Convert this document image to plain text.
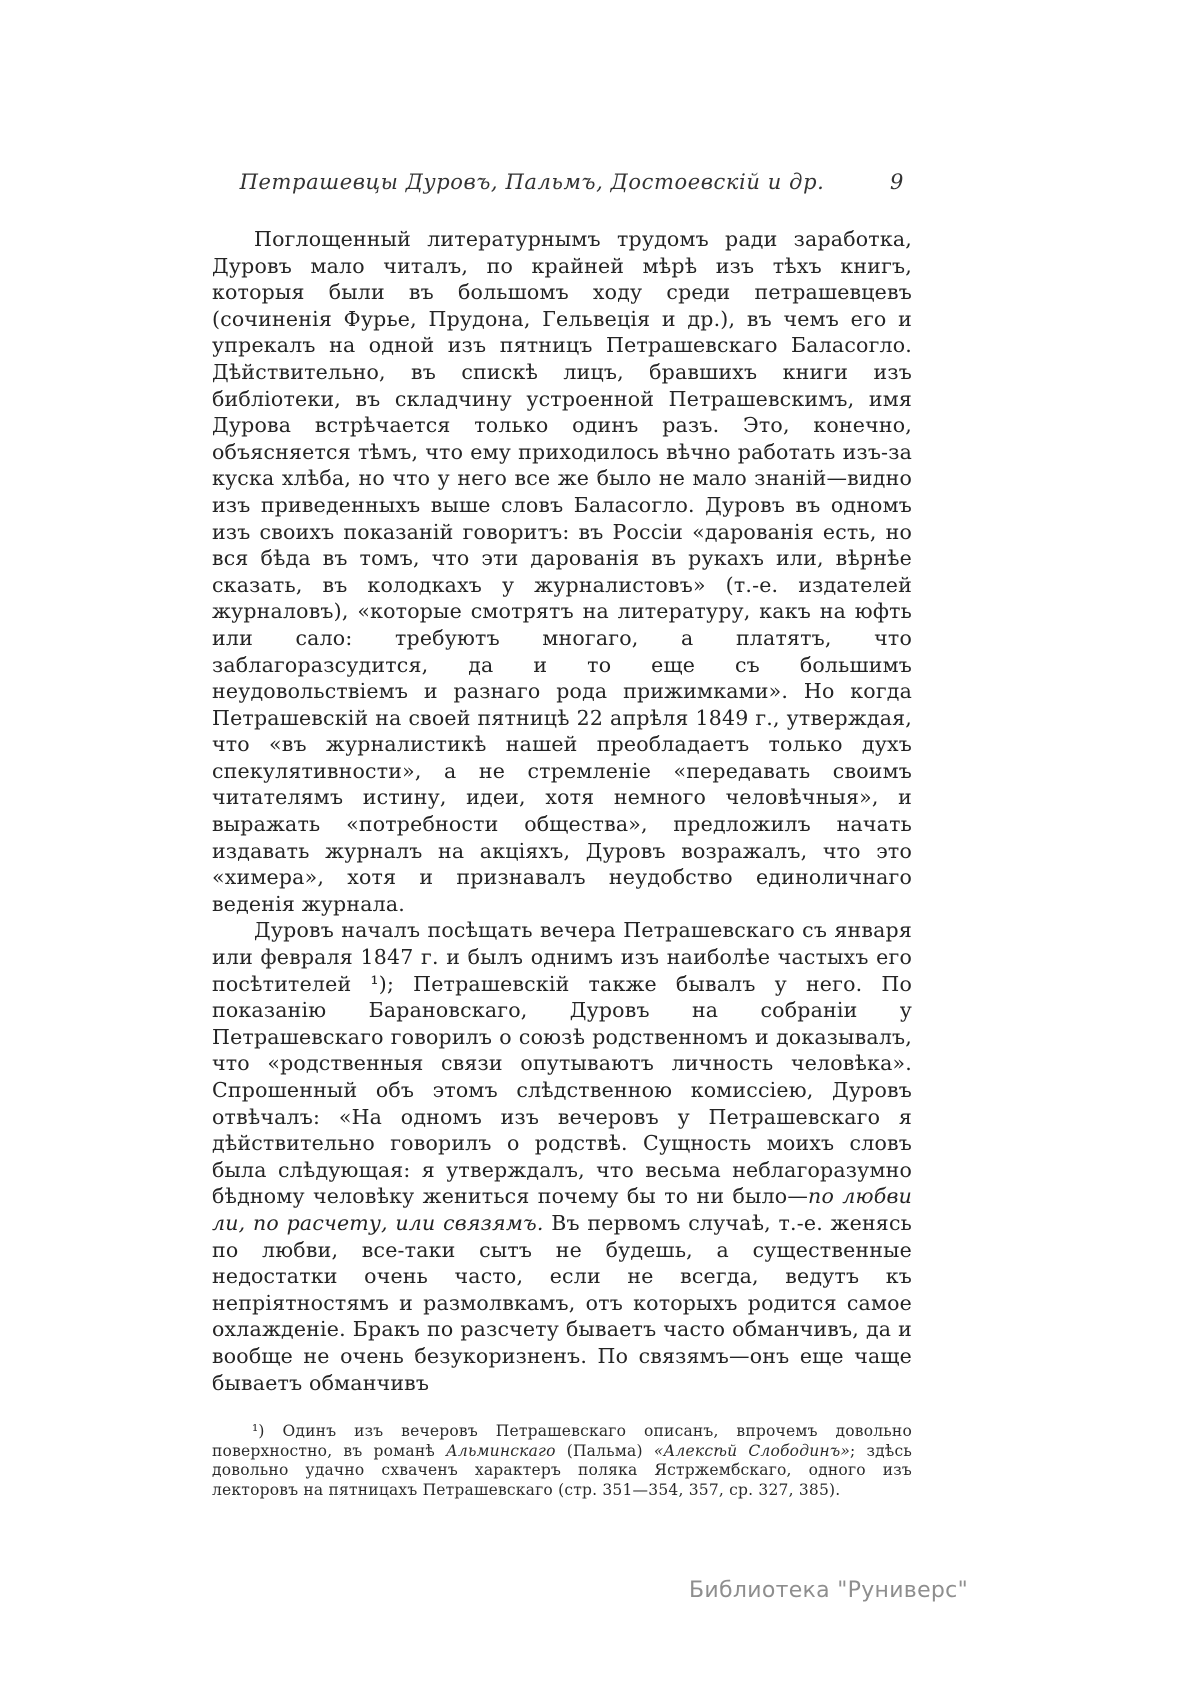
Петрашевцы Дуровъ, Пальмъ, Достоевскій и др.	9

Поглощенный литературнымъ трудомъ ради заработка, Дуровъ мало читалъ, по крайней мѣрѣ изъ тѣхъ книгъ, которыя были въ большомъ ходу среди петрашевцевъ (сочиненія Фурье, Прудона, Гельвеція и др.), въ чемъ его и упрекалъ на одной изъ пятницъ Петрашевскаго Баласогло. Дѣйствительно, въ спискѣ лицъ, бравшихъ книги изъ библіотеки, въ складчину устроенной Петрашевскимъ, имя Дурова встрѣчается только одинъ разъ. Это, конечно, объясняется тѣмъ, что ему приходилось вѣчно работать изъ-за куска хлѣба, но что у него все же было не мало знаній—видно изъ приведенныхъ выше словъ Баласогло. Дуровъ въ одномъ изъ своихъ показаній говоритъ: въ Россіи «дарованія есть, но вся бѣда въ томъ, что эти дарованія въ рукахъ или, вѣрнѣе сказать, въ колодкахъ у журналистовъ» (т.-е. издателей журналовъ), «которые смотрятъ на литературу, какъ на юфть или сало: требуютъ многаго, а платятъ, что заблагоразсудится, да и то еще съ большимъ неудовольствіемъ и разнаго рода прижимками». Но когда Петрашевскій на своей пятницѣ 22 апрѣля 1849 г., утверждая, что «въ журналистикѣ нашей преобладаетъ только духъ спекулятивности», а не стремленіе «передавать своимъ читателямъ истину, идеи, хотя немного человѣчныя», и выражать «потребности общества», предложилъ начать издавать журналъ на акціяхъ, Дуровъ возражалъ, что это «химера», хотя и признавалъ неудобство единоличнаго веденія журнала.

Дуровъ началъ посѣщать вечера Петрашевскаго съ января или февраля 1847 г. и былъ однимъ изъ наиболѣе частыхъ его посѣтителей ¹); Петрашевскій также бывалъ у него. По показанію Барановскаго, Дуровъ на собраніи у Петрашевскаго говорилъ о союзѣ родственномъ и доказывалъ, что «родственныя связи опутываютъ личность человѣка». Спрошенный объ этомъ слѣдственною комиссіею, Дуровъ отвѣчалъ: «На одномъ изъ вечеровъ у Петрашевскаго я дѣйствительно говорилъ о родствѣ. Сущность моихъ словъ была слѣдующая: я утверждалъ, что весьма неблагоразумно бѣдному человѣку жениться почему бы то ни было—по любви ли, по расчету, или связямъ. Въ первомъ случаѣ, т.-е. женясь по любви, все-таки сытъ не будешь, а существенные недостатки очень часто, если не всегда, ведутъ къ непріятностямъ и размолвкамъ, отъ которыхъ родится самое охлажденіе. Бракъ по разсчету бываетъ часто обманчивъ, да и вообще не очень безукоризненъ. По связямъ—онъ еще чаще бываетъ обманчивъ

¹) Одинъ изъ вечеровъ Петрашевскаго описанъ, впрочемъ довольно поверхностно, въ романѣ Альминскаго (Пальма) «Алексѣй Слободинъ»; здѣсь довольно удачно схваченъ характеръ поляка Ястржембскаго, одного изъ лекторовъ на пятницахъ Петрашевскаго (стр. 351—354, 357, ср. 327, 385).
Библиотека "Руниверс"
